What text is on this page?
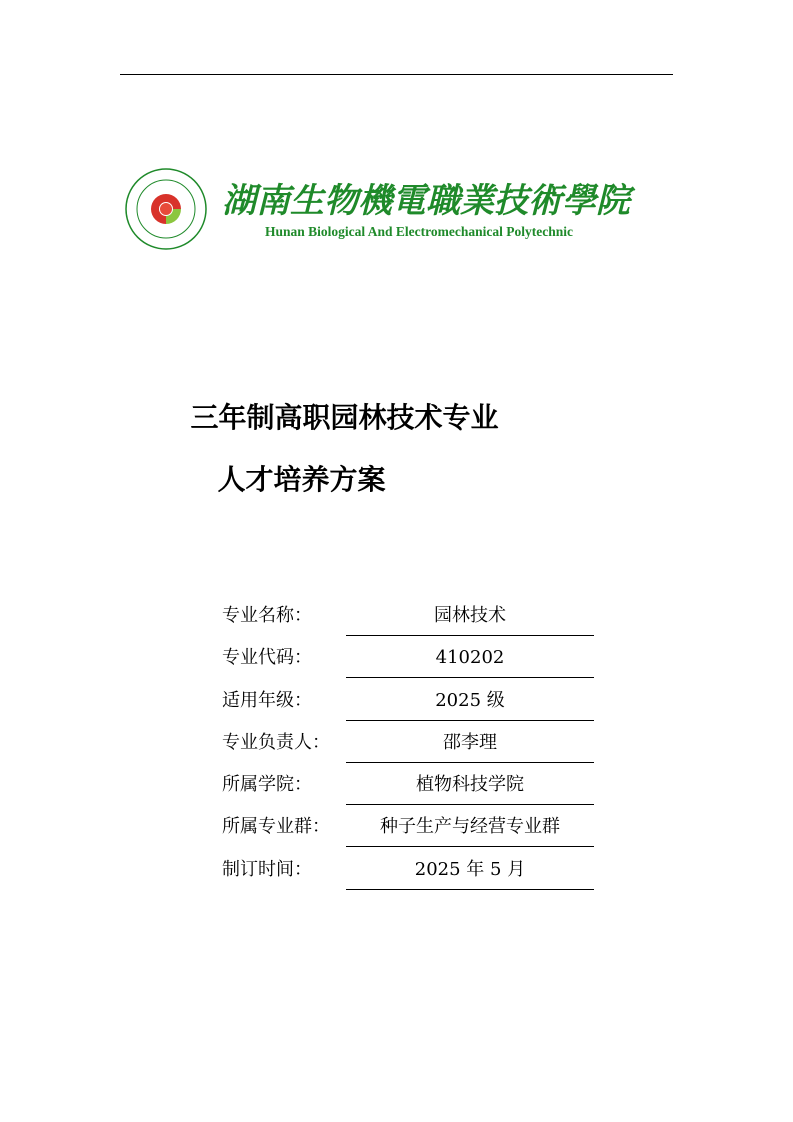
湖南生物機電職業技術學院
Hunan Biological And Electromechanical Polytechnic
三年制高职园林技术专业
人才培养方案
专业名称：	园林技术
专业代码：	410202
适用年级：	2025 级
专业负责人：	邵李理
所属学院：	植物科技学院
所属专业群：	种子生产与经营专业群
制订时间：	2025 年 5 月
